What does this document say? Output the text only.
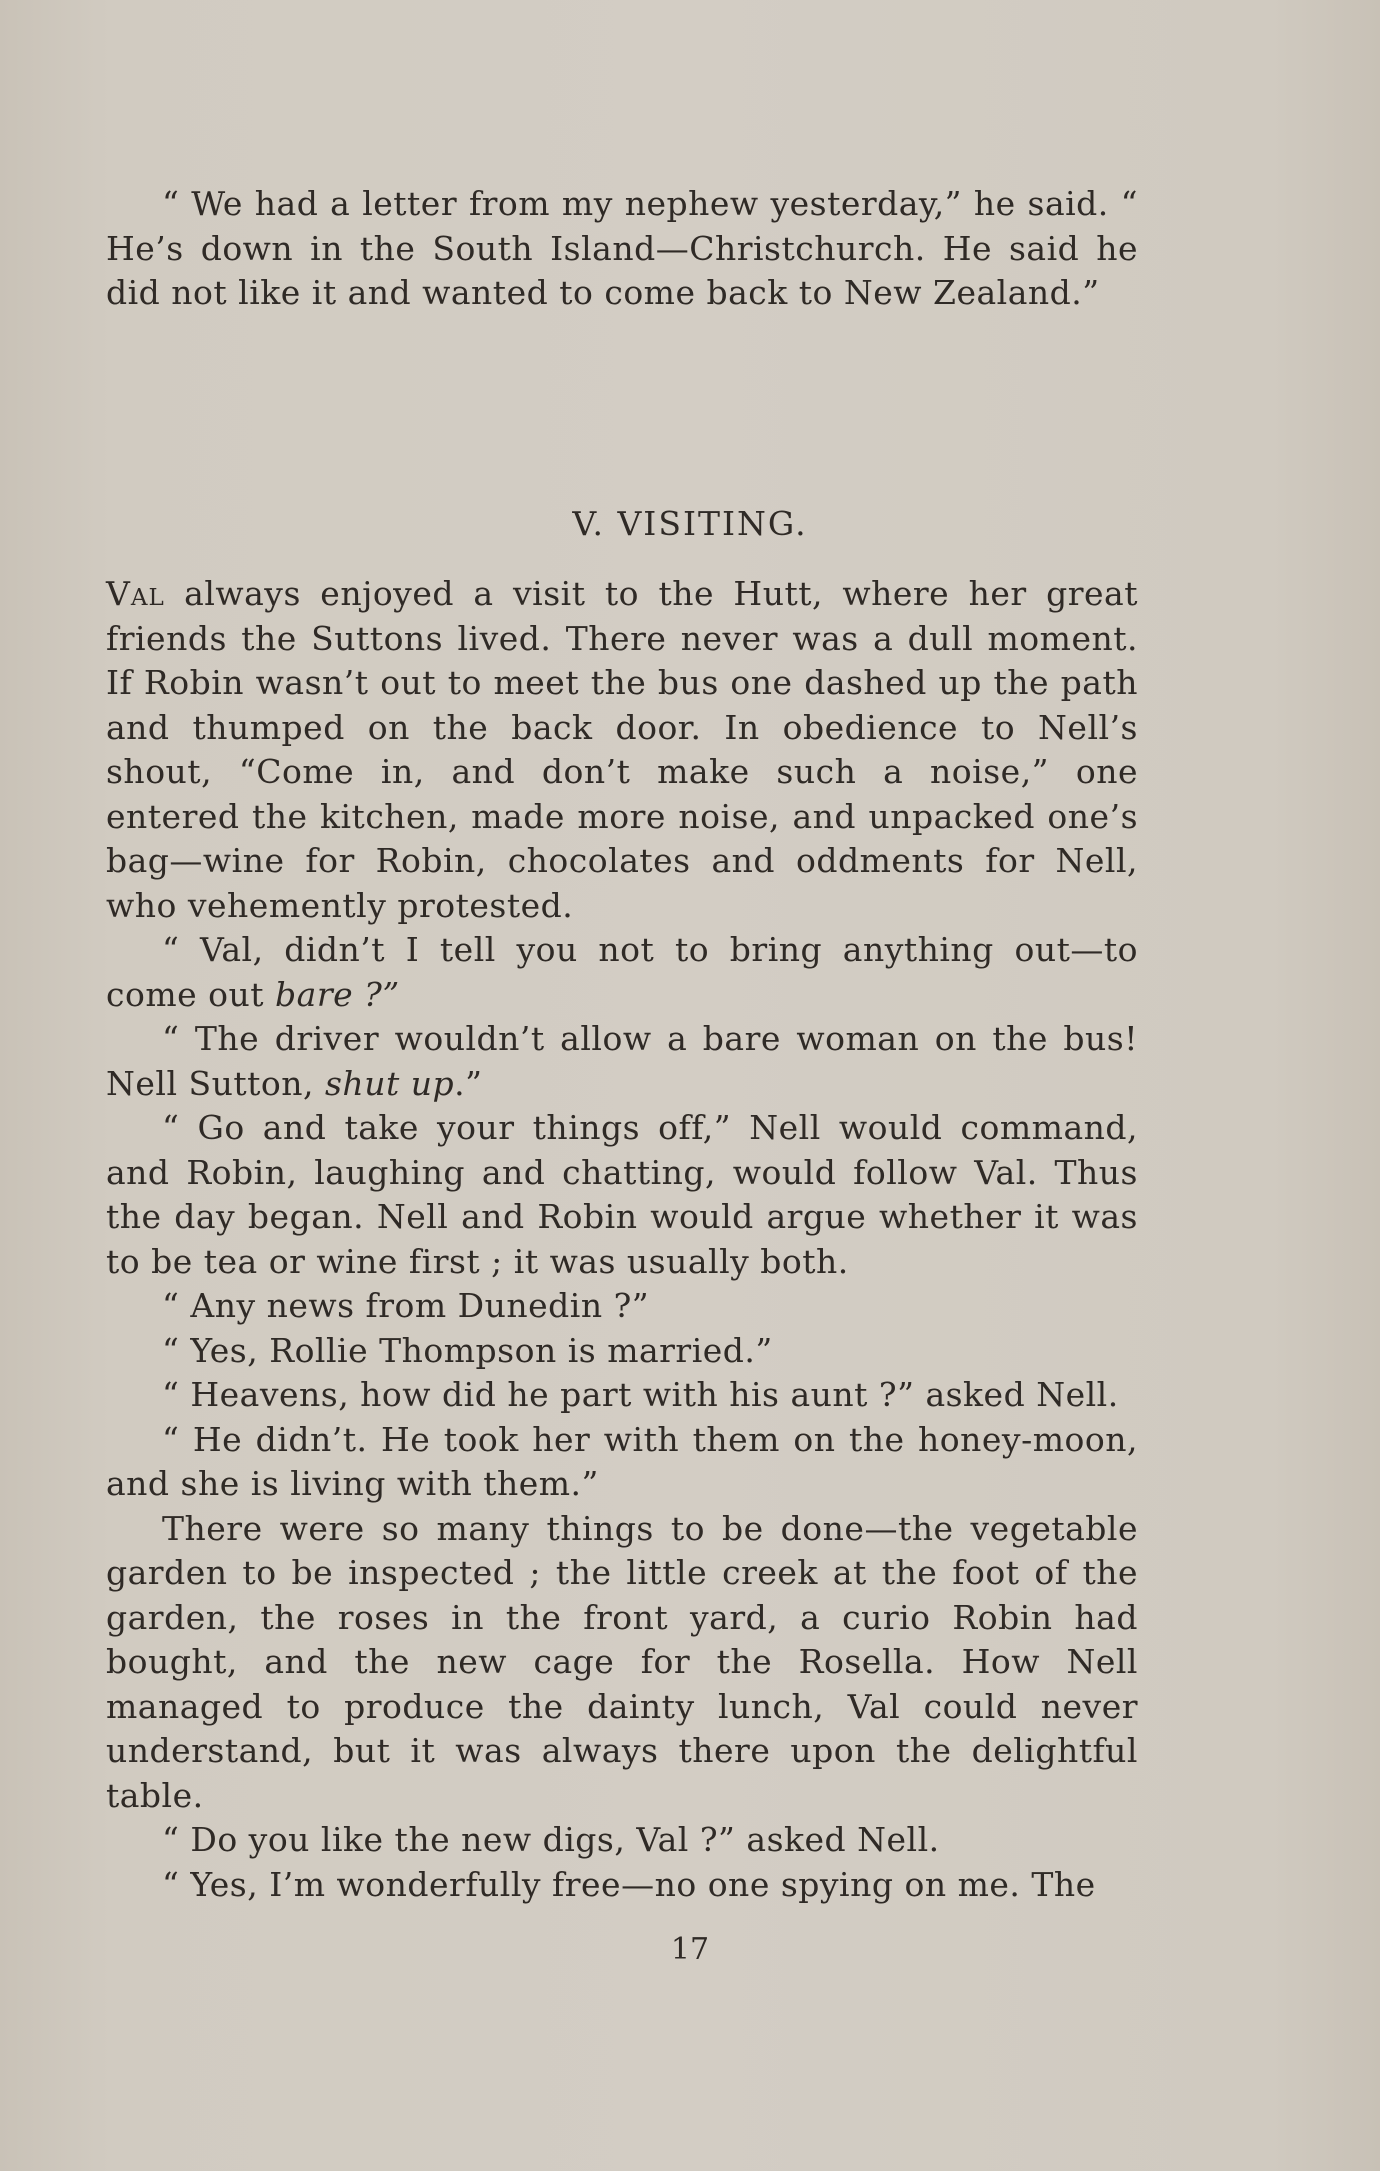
“ We had a letter from my nephew yesterday,” he said. “ He’s down in the South Island—Christchurch. He said he did not like it and wanted to come back to New Zealand.”

V. VISITING.

Val always enjoyed a visit to the Hutt, where her great friends the Suttons lived. There never was a dull moment. If Robin wasn’t out to meet the bus one dashed up the path and thumped on the back door. In obedience to Nell’s shout, “Come in, and don’t make such a noise,” one entered the kitchen, made more noise, and unpacked one’s bag—wine for Robin, chocolates and oddments for Nell, who vehemently protested.

“ Val, didn’t I tell you not to bring anything out—to come out bare ?”

“ The driver wouldn’t allow a bare woman on the bus! Nell Sutton, shut up.”

“ Go and take your things off,” Nell would command, and Robin, laughing and chatting, would follow Val. Thus the day began. Nell and Robin would argue whether it was to be tea or wine first ; it was usually both.

“ Any news from Dunedin ?”

“ Yes, Rollie Thompson is married.”

“ Heavens, how did he part with his aunt ?” asked Nell.

“ He didn’t. He took her with them on the honey-moon, and she is living with them.”

There were so many things to be done—the vegetable garden to be inspected ; the little creek at the foot of the garden, the roses in the front yard, a curio Robin had bought, and the new cage for the Rosella. How Nell managed to produce the dainty lunch, Val could never understand, but it was always there upon the delightful table.

“ Do you like the new digs, Val ?” asked Nell.

“ Yes, I’m wonderfully free—no one spying on me. The

17
